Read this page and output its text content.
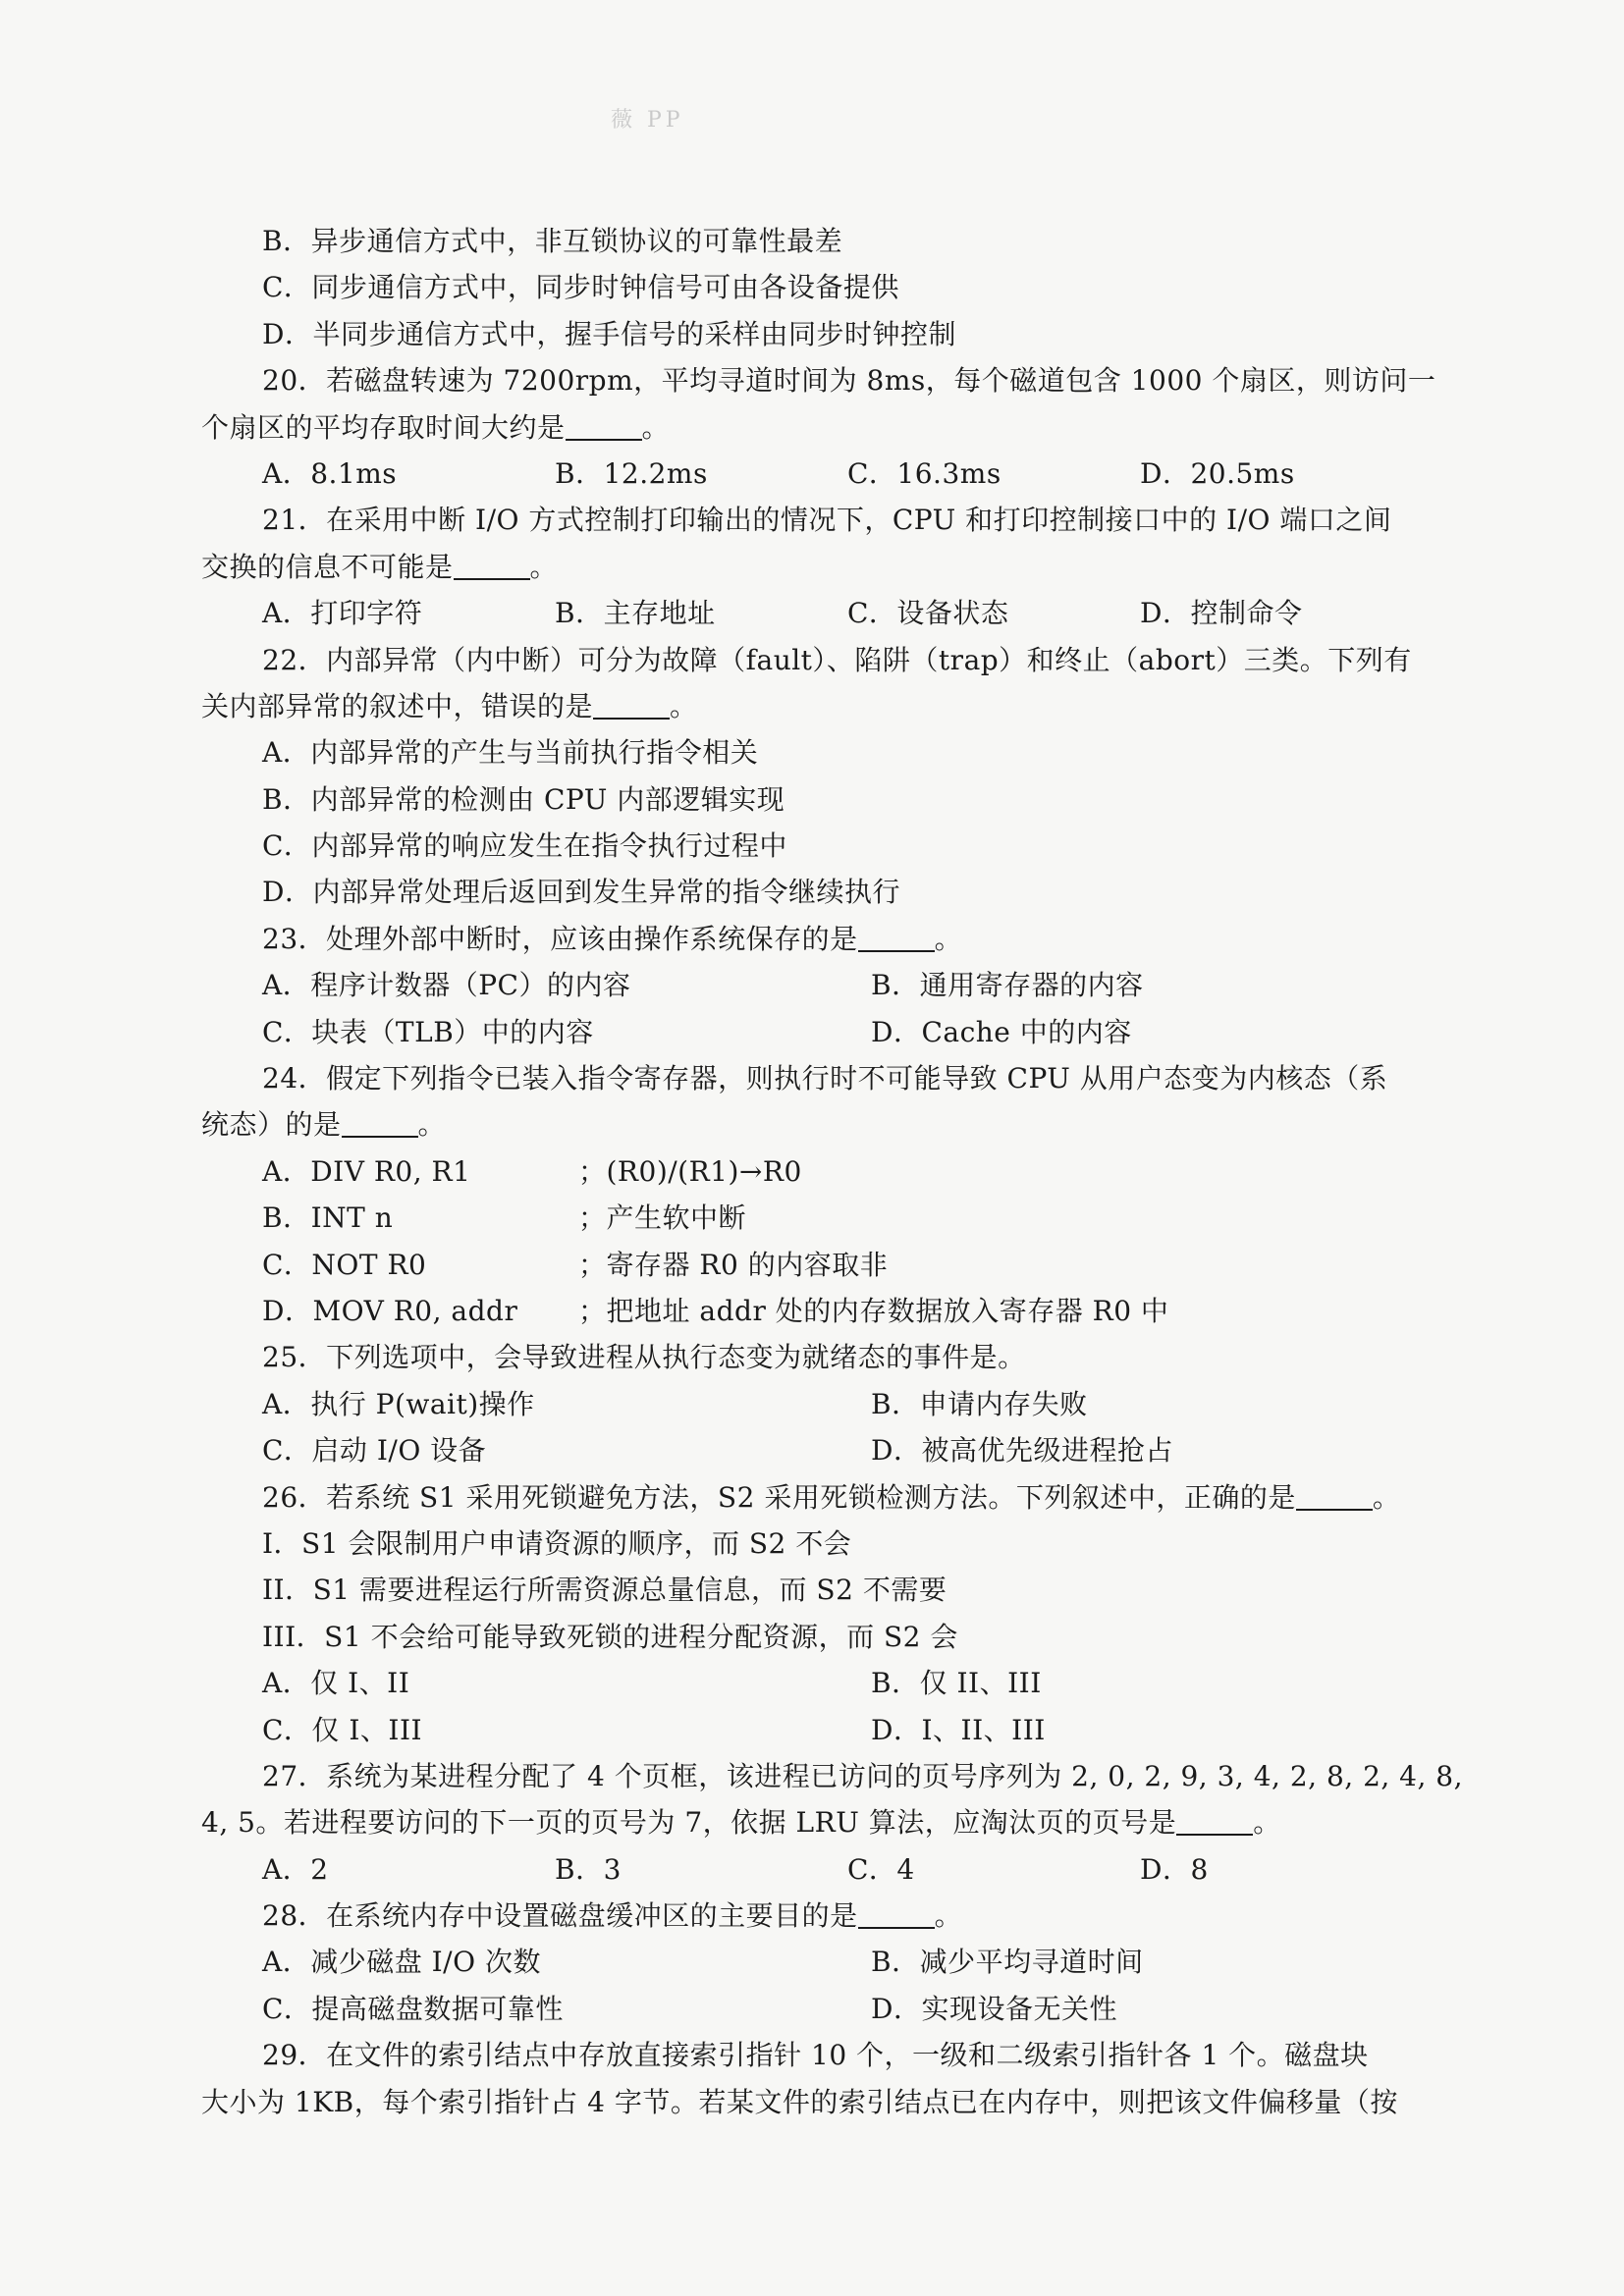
薇 PP
B．异步通信方式中，非互锁协议的可靠性最差
C．同步通信方式中，同步时钟信号可由各设备提供
D．半同步通信方式中，握手信号的采样由同步时钟控制
20．若磁盘转速为 7200rpm，平均寻道时间为 8ms，每个磁道包含 1000 个扇区，则访问一
个扇区的平均存取时间大约是	。
A．8.1ms	B．12.2ms	C．16.3ms	D．20.5ms
21．在采用中断 I/O 方式控制打印输出的情况下，CPU 和打印控制接口中的 I/O 端口之间
交换的信息不可能是	。
A．打印字符	B．主存地址	C．设备状态	D．控制命令
22．内部异常（内中断）可分为故障（fault）、陷阱（trap）和终止（abort）三类。下列有
关内部异常的叙述中，错误的是	。
A．内部异常的产生与当前执行指令相关
B．内部异常的检测由 CPU 内部逻辑实现
C．内部异常的响应发生在指令执行过程中
D．内部异常处理后返回到发生异常的指令继续执行
23．处理外部中断时，应该由操作系统保存的是	。
A．程序计数器（PC）的内容	B．通用寄存器的内容
C．块表（TLB）中的内容	D．Cache 中的内容
24．假定下列指令已装入指令寄存器，则执行时不可能导致 CPU 从用户态变为内核态（系
统态）的是	。
A．DIV R0, R1	；(R0)/(R1)→R0
B．INT n	；产生软中断
C．NOT R0	；寄存器 R0 的内容取非
D．MOV R0, addr	；把地址 addr 处的内存数据放入寄存器 R0 中
25．下列选项中，会导致进程从执行态变为就绪态的事件是。
A．执行 P(wait)操作	B．申请内存失败
C．启动 I/O 设备	D．被高优先级进程抢占
26．若系统 S1 采用死锁避免方法，S2 采用死锁检测方法。下列叙述中，正确的是	。
I．S1 会限制用户申请资源的顺序，而 S2 不会
II．S1 需要进程运行所需资源总量信息，而 S2 不需要
III．S1 不会给可能导致死锁的进程分配资源，而 S2 会
A．仅 I、II	B．仅 II、III
C．仅 I、III	D．I、II、III
27．系统为某进程分配了 4 个页框，该进程已访问的页号序列为 2, 0, 2, 9, 3, 4, 2, 8, 2, 4, 8,
4, 5。若进程要访问的下一页的页号为 7，依据 LRU 算法，应淘汰页的页号是	。
A．2	B．3	C．4	D．8
28．在系统内存中设置磁盘缓冲区的主要目的是	。
A．减少磁盘 I/O 次数	B．减少平均寻道时间
C．提高磁盘数据可靠性	D．实现设备无关性
29．在文件的索引结点中存放直接索引指针 10 个，一级和二级索引指针各 1 个。磁盘块
大小为 1KB，每个索引指针占 4 字节。若某文件的索引结点已在内存中，则把该文件偏移量（按
